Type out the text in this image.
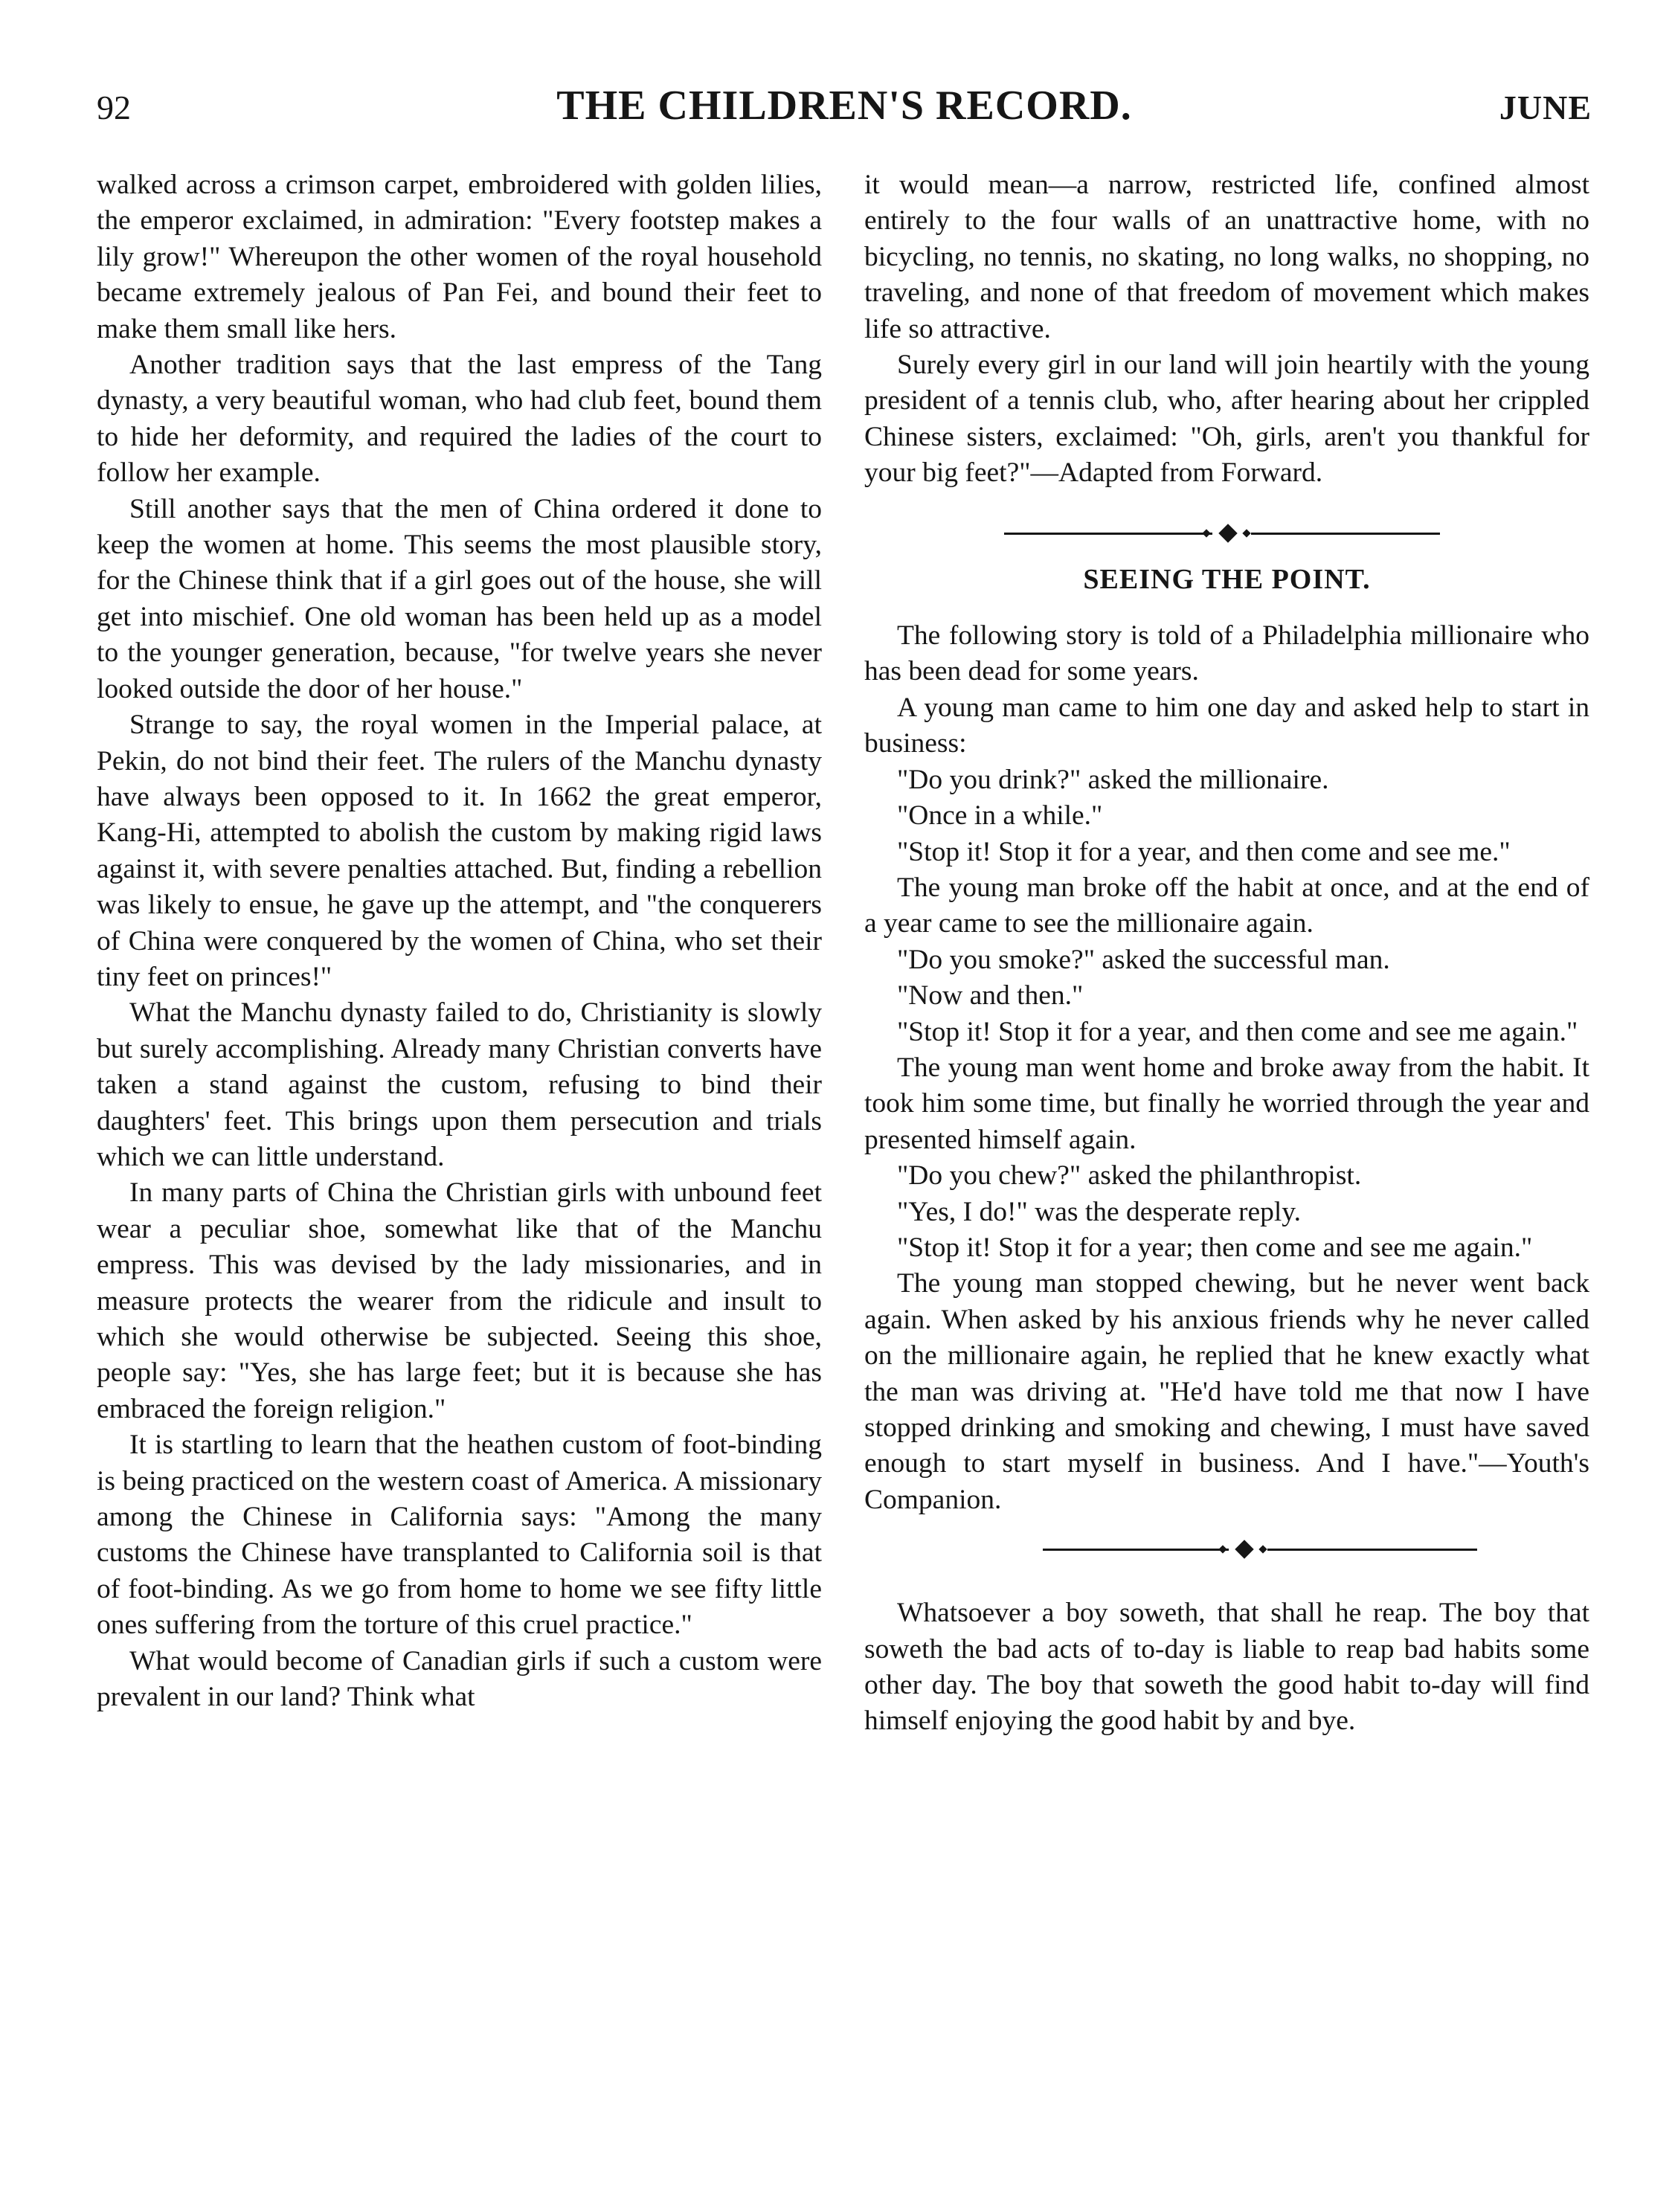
92	THE CHILDREN'S RECORD.	JUNE

walked across a crimson carpet, embroidered with golden lilies, the emperor exclaimed, in admiration: "Every footstep makes a lily grow!" Whereupon the other women of the royal household became extremely jealous of Pan Fei, and bound their feet to make them small like hers.

Another tradition says that the last empress of the Tang dynasty, a very beautiful woman, who had club feet, bound them to hide her deformity, and required the ladies of the court to follow her example.

Still another says that the men of China ordered it done to keep the women at home. This seems the most plausible story, for the Chinese think that if a girl goes out of the house, she will get into mischief. One old woman has been held up as a model to the younger generation, because, "for twelve years she never looked outside the door of her house."

Strange to say, the royal women in the Imperial palace, at Pekin, do not bind their feet. The rulers of the Manchu dynasty have always been opposed to it. In 1662 the great emperor, Kang-Hi, attempted to abolish the custom by making rigid laws against it, with severe penalties attached. But, finding a rebellion was likely to ensue, he gave up the attempt, and "the conquerers of China were conquered by the women of China, who set their tiny feet on princes!"

What the Manchu dynasty failed to do, Christianity is slowly but surely accomplishing. Already many Christian converts have taken a stand against the custom, refusing to bind their daughters' feet. This brings upon them persecution and trials which we can little understand.

In many parts of China the Christian girls with unbound feet wear a peculiar shoe, somewhat like that of the Manchu empress. This was devised by the lady missionaries, and in measure protects the wearer from the ridicule and insult to which she would otherwise be subjected. Seeing this shoe, people say: "Yes, she has large feet; but it is because she has embraced the foreign religion."

It is startling to learn that the heathen custom of foot-binding is being practiced on the western coast of America. A missionary among the Chinese in California says: "Among the many customs the Chinese have transplanted to California soil is that of foot-binding. As we go from home to home we see fifty little ones suffering from the torture of this cruel practice."

What would become of Canadian girls if such a custom were prevalent in our land? Think what

it would mean—a narrow, restricted life, confined almost entirely to the four walls of an unattractive home, with no bicycling, no tennis, no skating, no long walks, no shopping, no traveling, and none of that freedom of movement which makes life so attractive.

Surely every girl in our land will join heartily with the young president of a tennis club, who, after hearing about her crippled Chinese sisters, exclaimed: "Oh, girls, aren't you thankful for your big feet?"—Adapted from Forward.

SEEING THE POINT.

The following story is told of a Philadelphia millionaire who has been dead for some years.

A young man came to him one day and asked help to start in business:

"Do you drink?" asked the millionaire.

"Once in a while."

"Stop it! Stop it for a year, and then come and see me."

The young man broke off the habit at once, and at the end of a year came to see the millionaire again.

"Do you smoke?" asked the successful man.

"Now and then."

"Stop it! Stop it for a year, and then come and see me again."

The young man went home and broke away from the habit. It took him some time, but finally he worried through the year and presented himself again.

"Do you chew?" asked the philanthropist.

"Yes, I do!" was the desperate reply.

"Stop it! Stop it for a year; then come and see me again."

The young man stopped chewing, but he never went back again. When asked by his anxious friends why he never called on the millionaire again, he replied that he knew exactly what the man was driving at. "He'd have told me that now I have stopped drinking and smoking and chewing, I must have saved enough to start myself in business. And I have."—Youth's Companion.

Whatsoever a boy soweth, that shall he reap. The boy that soweth the bad acts of to-day is liable to reap bad habits some other day. The boy that soweth the good habit to-day will find himself enjoying the good habit by and bye.
